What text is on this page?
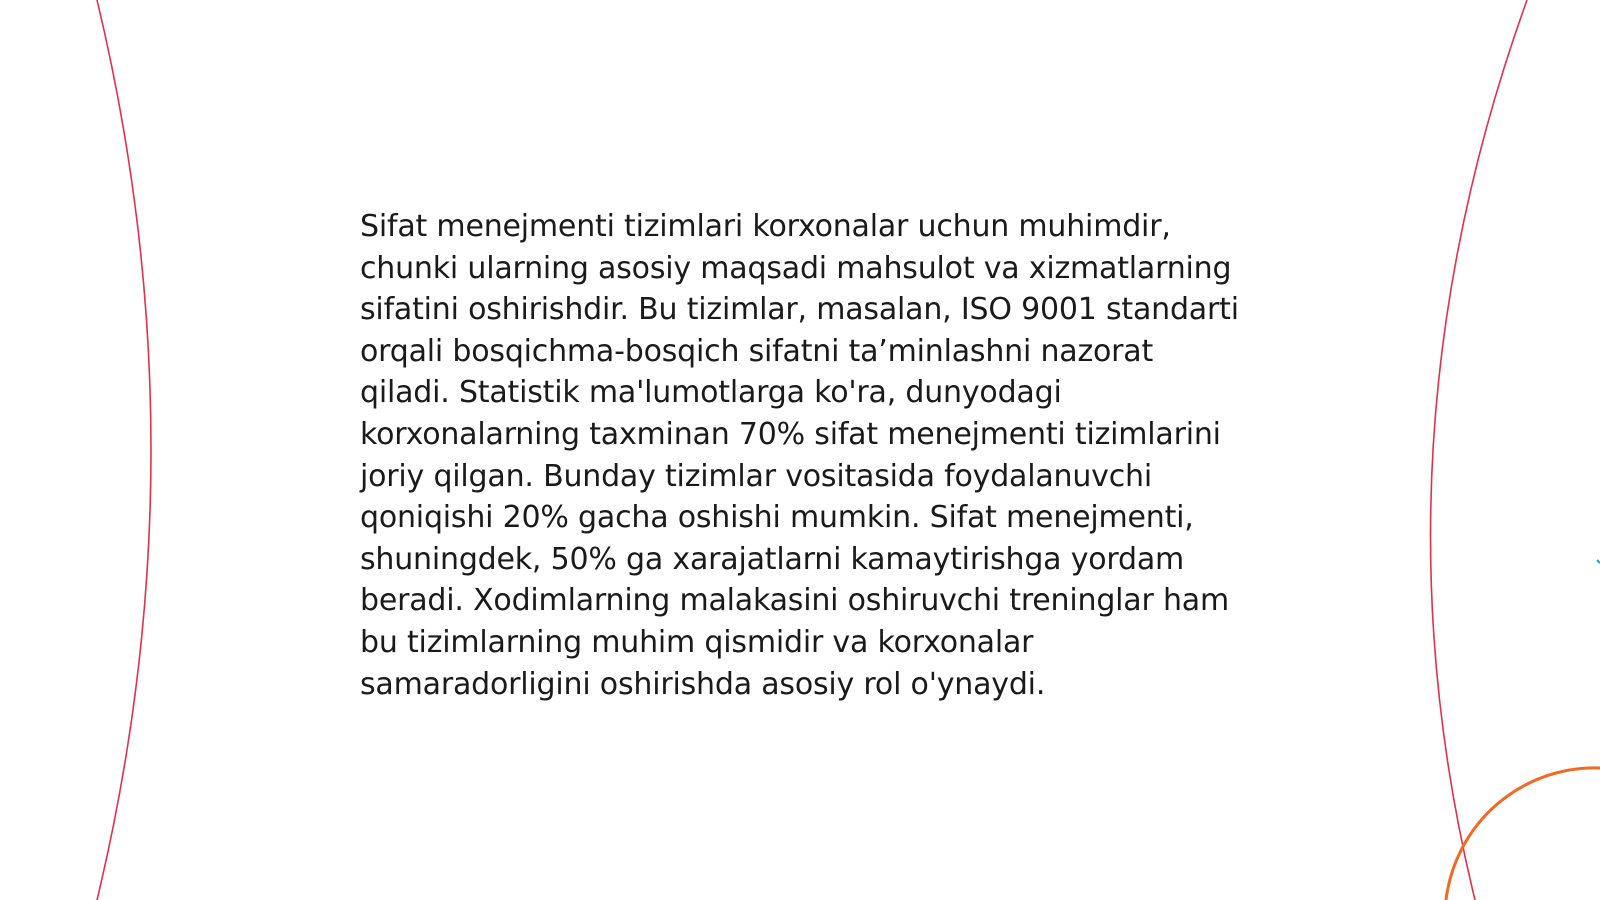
Sifat menejmenti tizimlari korxonalar uchun muhimdir, chunki ularning asosiy maqsadi mahsulot va xizmatlarning sifatini oshirishdir. Bu tizimlar, masalan, ISO 9001 standarti orqali bosqichma-bosqich sifatni ta’minlashni nazorat qiladi. Statistik ma'lumotlarga ko'ra, dunyodagi korxonalarning taxminan 70% sifat menejmenti tizimlarini joriy qilgan. Bunday tizimlar vositasida foydalanuvchi qoniqishi 20% gacha oshishi mumkin. Sifat menejmenti, shuningdek, 50% ga xarajatlarni kamaytirishga yordam beradi. Xodimlarning malakasini oshiruvchi treninglar ham bu tizimlarning muhim qismidir va korxonalar samaradorligini oshirishda asosiy rol o'ynaydi.
